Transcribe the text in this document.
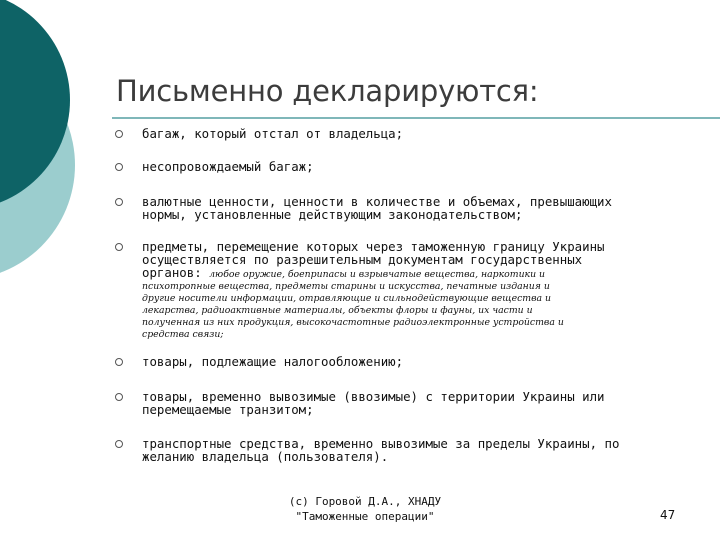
Письменно декларируются:
багаж, который отстал от владельца;
несопровождаемый багаж;
валютные ценности, ценности в количестве и объемах, превышающих
нормы, установленные действующим законодательством;
предметы, перемещение которых через таможенную границу Украины
осуществляется по разрешительным документам государственных
органов: любое оружие, боеприпасы и взрывчатые вещества, наркотики и
психотропные вещества, предметы старины и искусства, печатные издания и
другие носители информации, отравляющие и сильнодействующие вещества и
лекарства, радиоактивные материалы, объекты флоры и фауны, их части и
полученная из них продукция, высокочастотные радиоэлектронные устройства и
средства связи;
товары, подлежащие налогообложению;
товары, временно вывозимые (ввозимые) с территории Украины или
перемещаемые транзитом;
транспортные средства, временно вывозимые за пределы Украины, по
желанию владельца (пользователя).
(с) Горовой Д.А., ХНАДУ
"Таможенные операции"	47
